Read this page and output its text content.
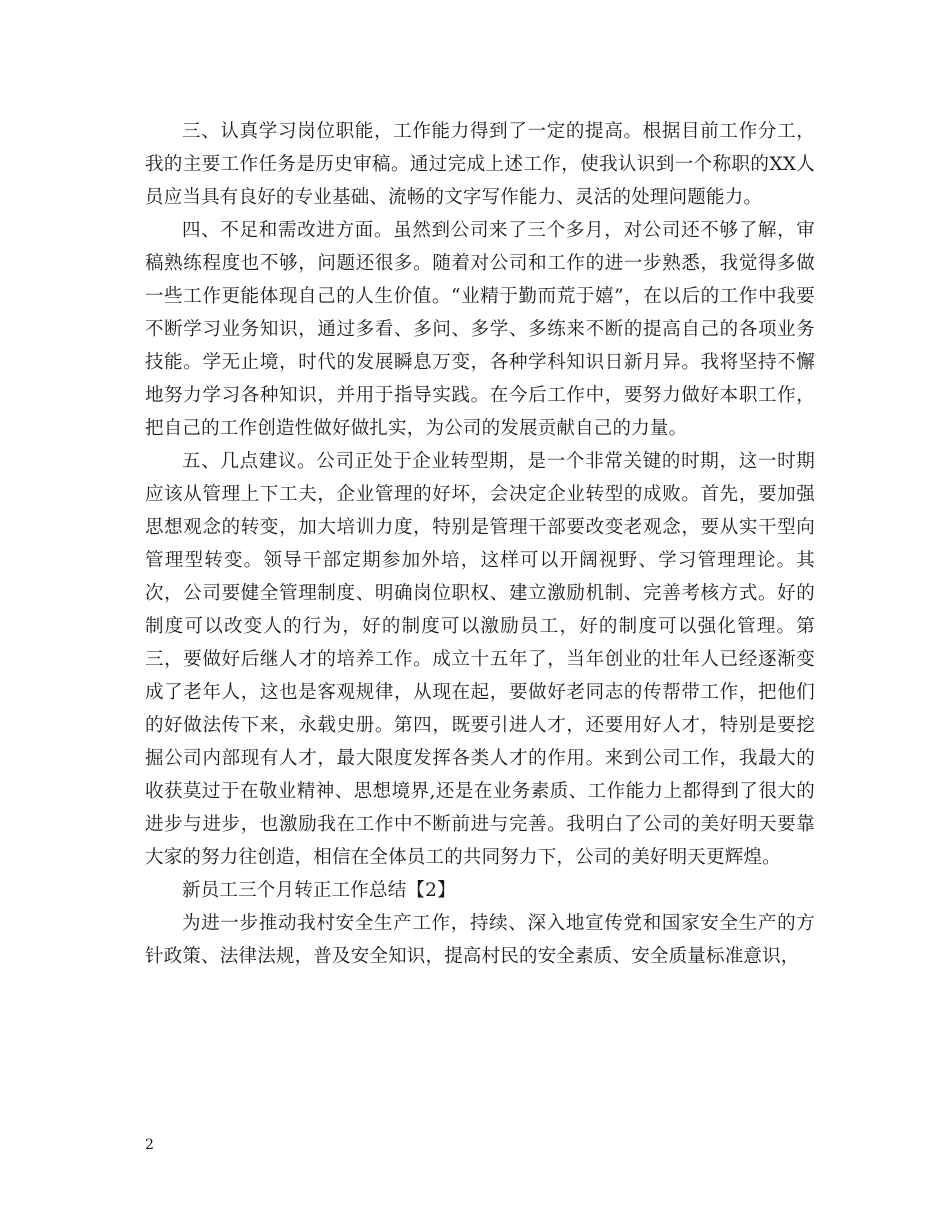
三、认真学习岗位职能，工作能力得到了一定的提高。根据目前工作分工，我的主要工作任务是历史审稿。通过完成上述工作，使我认识到一个称职的XX人员应当具有良好的专业基础、流畅的文字写作能力、灵活的处理问题能力。

四、不足和需改进方面。虽然到公司来了三个多月，对公司还不够了解，审稿熟练程度也不够，问题还很多。随着对公司和工作的进一步熟悉，我觉得多做一些工作更能体现自己的人生价值。“业精于勤而荒于嬉”，在以后的工作中我要不断学习业务知识，通过多看、多问、多学、多练来不断的提高自己的各项业务技能。学无止境，时代的发展瞬息万变，各种学科知识日新月异。我将坚持不懈地努力学习各种知识，并用于指导实践。在今后工作中，要努力做好本职工作，把自己的工作创造性做好做扎实，为公司的发展贡献自己的力量。

五、几点建议。公司正处于企业转型期，是一个非常关键的时期，这一时期应该从管理上下工夫，企业管理的好坏，会决定企业转型的成败。首先，要加强思想观念的转变，加大培训力度，特别是管理干部要改变老观念，要从实干型向管理型转变。领导干部定期参加外培，这样可以开阔视野、学习管理理论。其次，公司要健全管理制度、明确岗位职权、建立激励机制、完善考核方式。好的制度可以改变人的行为，好的制度可以激励员工，好的制度可以强化管理。第三，要做好后继人才的培养工作。成立十五年了，当年创业的壮年人已经逐渐变成了老年人，这也是客观规律，从现在起，要做好老同志的传帮带工作，把他们的好做法传下来，永载史册。第四，既要引进人才，还要用好人才，特别是要挖掘公司内部现有人才，最大限度发挥各类人才的作用。来到公司工作，我最大的收获莫过于在敬业精神、思想境界,还是在业务素质、工作能力上都得到了很大的进步与进步，也激励我在工作中不断前进与完善。我明白了公司的美好明天要靠大家的努力往创造，相信在全体员工的共同努力下，公司的美好明天更辉煌。

新员工三个月转正工作总结【2】

为进一步推动我村安全生产工作，持续、深入地宣传党和国家安全生产的方针政策、法律法规，普及安全知识，提高村民的安全素质、安全质量标准意识，

2
